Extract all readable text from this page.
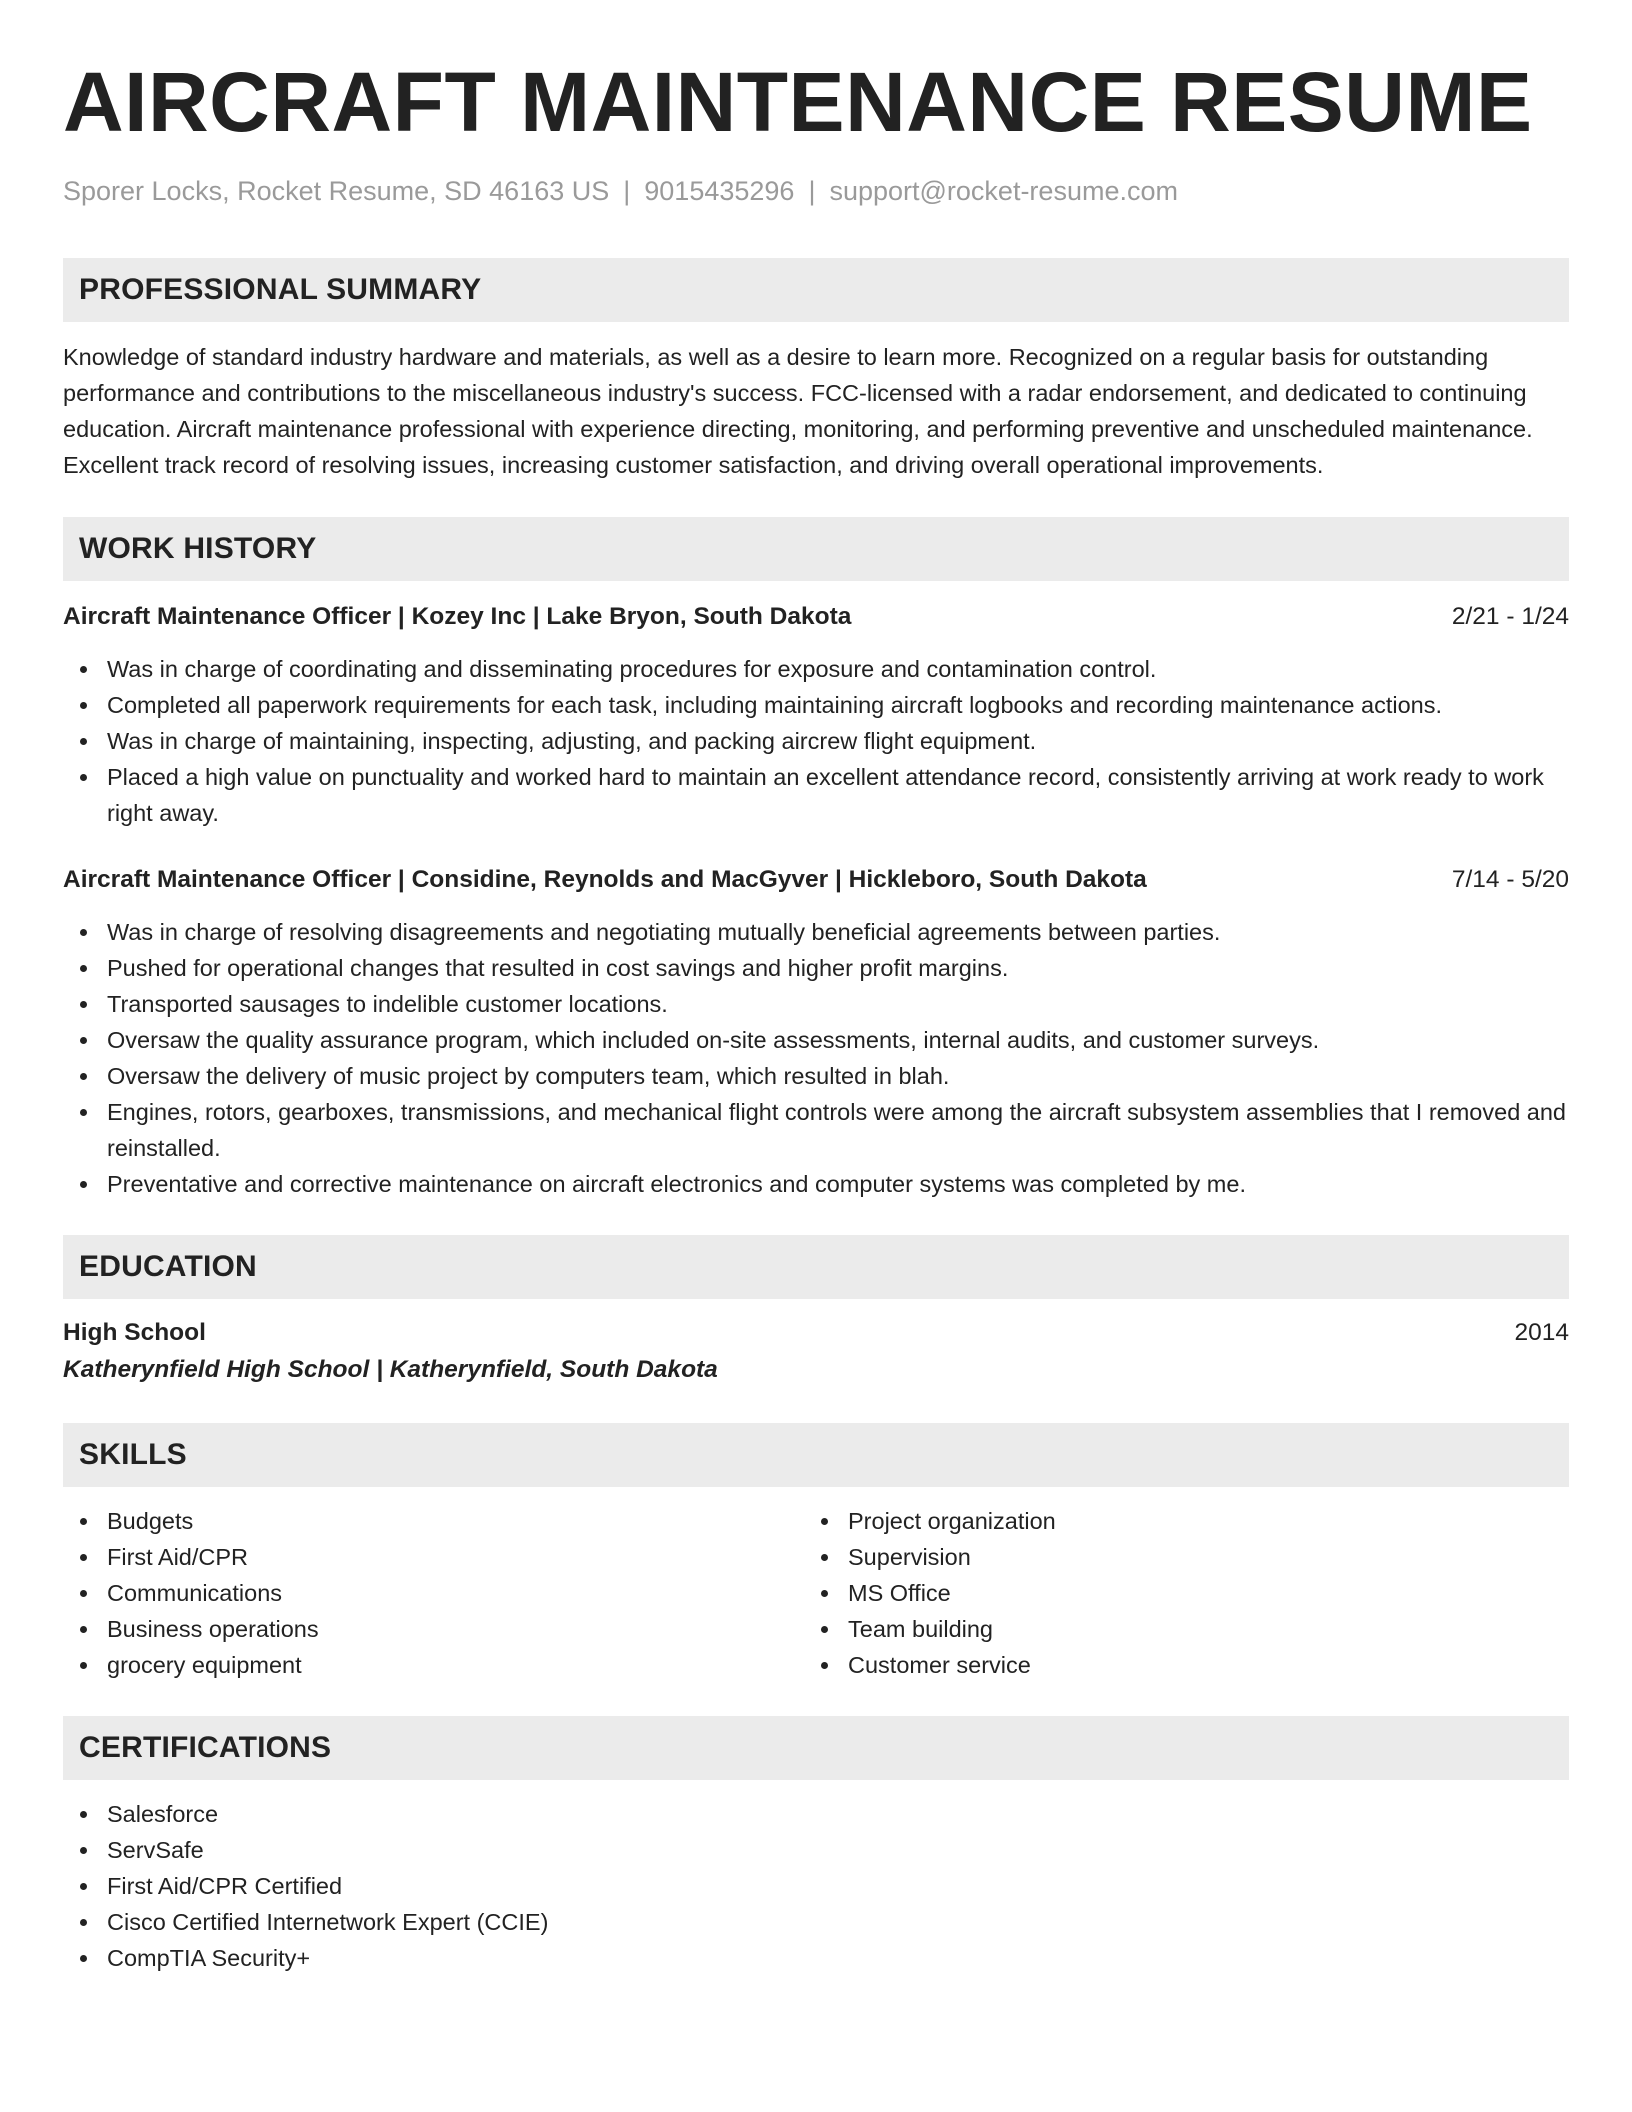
AIRCRAFT MAINTENANCE RESUME
Sporer Locks, Rocket Resume, SD 46163 US | 9015435296 | support@rocket-resume.com
PROFESSIONAL SUMMARY
Knowledge of standard industry hardware and materials, as well as a desire to learn more. Recognized on a regular basis for outstanding performance and contributions to the miscellaneous industry's success. FCC-licensed with a radar endorsement, and dedicated to continuing education. Aircraft maintenance professional with experience directing, monitoring, and performing preventive and unscheduled maintenance. Excellent track record of resolving issues, increasing customer satisfaction, and driving overall operational improvements.
WORK HISTORY
Aircraft Maintenance Officer | Kozey Inc | Lake Bryon, South Dakota	2/21 - 1/24
Was in charge of coordinating and disseminating procedures for exposure and contamination control.
Completed all paperwork requirements for each task, including maintaining aircraft logbooks and recording maintenance actions.
Was in charge of maintaining, inspecting, adjusting, and packing aircrew flight equipment.
Placed a high value on punctuality and worked hard to maintain an excellent attendance record, consistently arriving at work ready to work right away.
Aircraft Maintenance Officer | Considine, Reynolds and MacGyver | Hickleboro, South Dakota	7/14 - 5/20
Was in charge of resolving disagreements and negotiating mutually beneficial agreements between parties.
Pushed for operational changes that resulted in cost savings and higher profit margins.
Transported sausages to indelible customer locations.
Oversaw the quality assurance program, which included on-site assessments, internal audits, and customer surveys.
Oversaw the delivery of music project by computers team, which resulted in blah.
Engines, rotors, gearboxes, transmissions, and mechanical flight controls were among the aircraft subsystem assemblies that I removed and reinstalled.
Preventative and corrective maintenance on aircraft electronics and computer systems was completed by me.
EDUCATION
High School	2014
Katherynfield High School | Katherynfield, South Dakota
SKILLS
Budgets
First Aid/CPR
Communications
Business operations
grocery equipment
Project organization
Supervision
MS Office
Team building
Customer service
CERTIFICATIONS
Salesforce
ServSafe
First Aid/CPR Certified
Cisco Certified Internetwork Expert (CCIE)
CompTIA Security+
